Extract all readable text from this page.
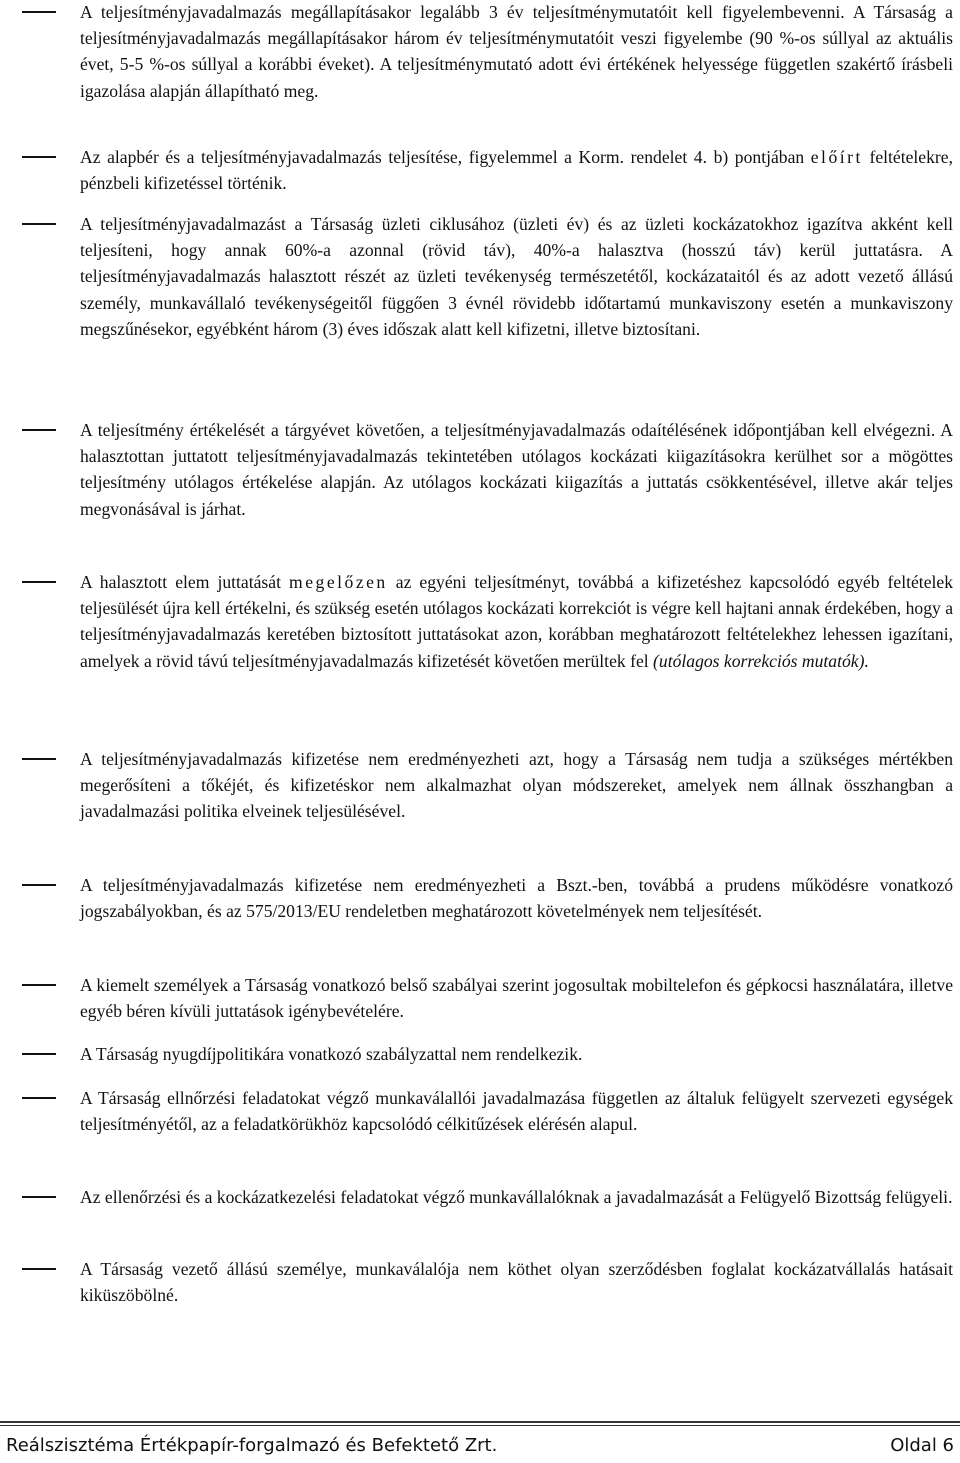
A teljesítményjavadalmazás megállapításakor legalább 3 év teljesítménymutatóit kell figyelembevenni. A Társaság a teljesítményjavadalmazás megállapításakor három év teljesítménymutatóit veszi figyelembe (90 %-os súllyal az aktuális évet, 5-5 %-os súllyal a korábbi éveket). A teljesítménymutató adott évi értékének helyessége független szakértő írásbeli igazolása alapján állapítható meg.
Az alapbér és a teljesítményjavadalmazás teljesítése, figyelemmel a Korm. rendelet 4. b) pontjában előírt feltételekre, pénzbeli kifizetéssel történik.
A teljesítményjavadalmazást a Társaság üzleti ciklusához (üzleti év) és az üzleti kockázatokhoz igazítva akként kell teljesíteni, hogy annak 60%-a azonnal (rövid táv), 40%-a halasztva (hosszú táv) kerül juttatásra. A teljesítményjavadalmazás halasztott részét az üzleti tevékenység természetétől, kockázataitól és az adott vezető állású személy, munkavállaló tevékenységeitől függően 3 évnél rövidebb időtartamú munkaviszony esetén a munkaviszony megszűnésekor, egyébként három (3) éves időszak alatt kell kifizetni, illetve biztosítani.
A teljesítmény értékelését a tárgyévet követően, a teljesítményjavadalmazás odaítélésének időpontjában kell elvégezni. A halasztottan juttatott teljesítményjavadalmazás tekintetében utólagos kockázati kiigazításokra kerülhet sor a mögöttes teljesítmény utólagos értékelése alapján. Az utólagos kockázati kiigazítás a juttatás csökkentésével, illetve akár teljes megvonásával is járhat.
A halasztott elem juttatását megelőzen az egyéni teljesítményt, továbbá a kifizetéshez kapcsolódó egyéb feltételek teljesülését újra kell értékelni, és szükség esetén utólagos kockázati korrekciót is végre kell hajtani annak érdekében, hogy a teljesítményjavadalmazás keretében biztosított juttatásokat azon, korábban meghatározott feltételekhez lehessen igazítani, amelyek a rövid távú teljesítményjavadalmazás kifizetését követően merültek fel (utólagos korrekciós mutatók).
A teljesítményjavadalmazás kifizetése nem eredményezheti azt, hogy a Társaság nem tudja a szükséges mértékben megerősíteni a tőkéjét, és kifizetéskor nem alkalmazhat olyan módszereket, amelyek nem állnak összhangban a javadalmazási politika elveinek teljesülésével.
A teljesítményjavadalmazás kifizetése nem eredményezheti a Bszt.-ben, továbbá a prudens működésre vonatkozó jogszabályokban, és az 575/2013/EU rendeletben meghatározott követelmények nem teljesítését.
A kiemelt személyek a Társaság vonatkozó belső szabályai szerint jogosultak mobiltelefon és gépkocsi használatára, illetve egyéb béren kívüli juttatások igénybevételére.
A Társaság nyugdíjpolitikára vonatkozó szabályzattal nem rendelkezik.
A Társaság ellnőrzési feladatokat végző munkaválallói javadalmazása független az általuk felügyelt szervezeti egységek teljesítményétől, az a feladatkörükhöz kapcsolódó célkitűzések elérésén alapul.
Az ellenőrzési és a kockázatkezelési feladatokat végző munkavállalóknak a javadalmazását a Felügyelő Bizottság felügyeli.
A Társaság vezető állású személye, munkaválalója nem köthet olyan szerződésben foglalat kockázatvállalás hatásait kiküszöbölné.
Reálszisztéma Értékpapír-forgalmazó és Befektető Zrt.	Oldal 6
